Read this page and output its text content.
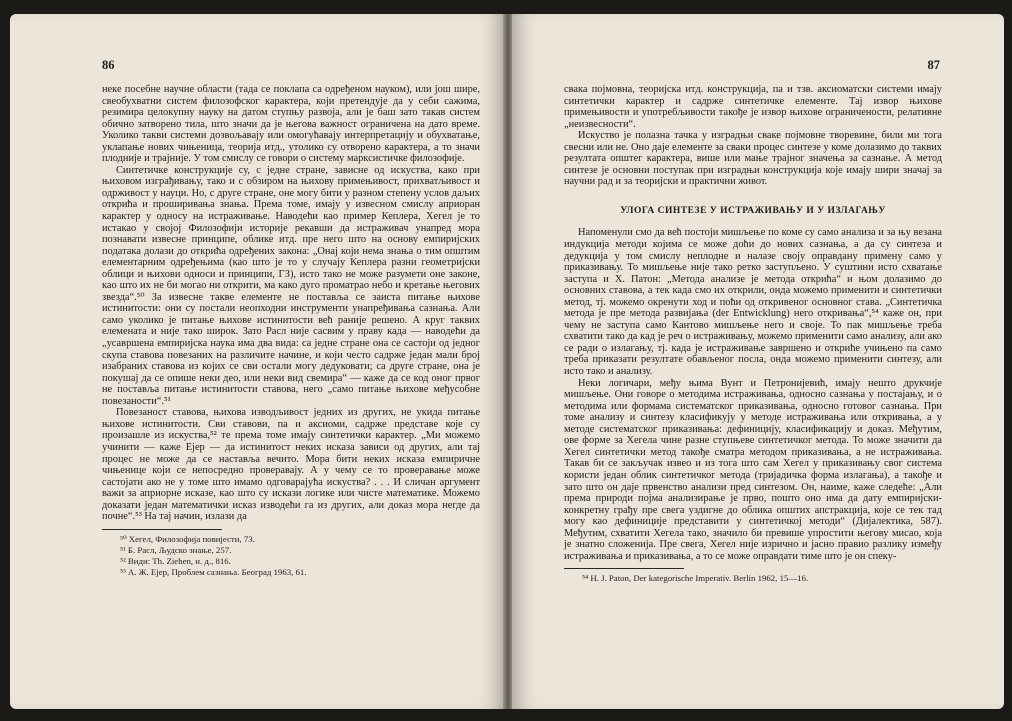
86

неке посебне научне области (тада се поклапа са одређеном науком), или још шире, свеобухватни систем филозофског карактера, који претендује да у себи сажима, резимира целокупну науку на датом ступњу развоја, али је баш зато такав систем обично затворено тила, што значи да је његова важност ограничена на дато време. Уколико такви системи дозвољавају или омогућавају интерпретацију и обухватање, уклапање нових чињеница, теорија итд., утолико су отворено карактера, а то значи плодније и трајније. У том смислу се говори о систему марксистичке филозофије.

Синтетичке конструкције су, с једне стране, зависне од искуства, како при њиховом изграђивању, тако и с обзиром на њихову примењивост, прихватљивост и одрживост у науци. Но, с друге стране, оне могу бити у разном степену услов даљих открића и проширивања знања. Према томе, имају у извесном смислу априоран карактер у односу на истраживање. Наводећи као пример Кеплера, Хегел је то истакао у својој Филозофији историје рекавши да истраживач унапред мора познавати извесне принципе, облике итд. пре него што на основу емпиријских података долази до открића одређених закона: „Онај који нема знања о тим општим елементарним одређењима (као што је то у случају Кеплера разни геометријски облици и њихови односи и принципи, ГЗ), исто тако не може разумети оне законе, као што их не би могао ни открити, ма како дуго проматрао небо и кретање његових звезда“.⁵⁰ За извесне такве елементе не поставља се заиста питање њихове истинитости: они су постали неопходни инструменти унапређивања сазнања. Али само уколико је питање њихове истинитости већ раније решено. А круг таквих елемената и није тако широк. Зато Расл није сасвим у праву када — наводећи да „усавршена емпиријска наука има два вида: са једне стране она се састоји од једног скупа ставова повезаних на различите начине, и који често садрже један мали број изабраних ставова из којих се сви остали могу дедуковати; са друге стране, она је покушај да се опише неки део, или неки вид свемира“ — каже да се код оног првог не поставља питање истинитости ставова, него „само питање њихове међусобне повезаности“.⁵¹

Повезаност ставова, њихова изводљивост једних из других, не укида питање њихове истинитости. Сви ставови, па и аксиоми, садрже представе које су произашле из искуства,⁵² те према томе имају синтетички карактер. „Ми можемо учинити — каже Ејер — да истинитост неких исказа зависи од других, али тај процес не може да се наставља вечито. Мора бити неких исказа емпиричне чињенице који се непосредно проверавају. А у чему се то проверавање може састојати ако не у томе што имамо одговарајућа искуства? . . . И сличан аргумент важи за априорне исказе, као што су искази логике или чисте математике. Можемо доказати један математички исказ изводећи га из других, али доказ мора негде да почне“.⁵³ На тај начин, излази да

⁵⁰ Хегел, Филозофија повијести, 73.

⁵¹ Б. Расл, Људско знање, 257.

⁵² Види: Th. Ziehen, н. д., 816.

⁵³ А. Ж. Ејер, Проблем сазнања. Београд 1963, 61.

87

свака појмовна, теоријска итд. конструкција, па и тзв. аксиоматски системи имају синтетички карактер и садрже синтетичке елементе. Тај извор њихове примењивости и употребљивости такође је извор њихове ограничености, релативне „неизвесности“.

Искуство је полазна тачка у изградњи сваке појмовне творевине, били ми тога свесни или не. Оно даје елементе за сваки процес синтезе у коме долазимо до таквих резултата општег карактера, више или мање трајног значења за сазнање. А метод синтезе је основни поступак при изградњи конструкција које имају шири значај за научни рад и за теоријски и практични живот.

УЛОГА СИНТЕЗЕ У ИСТРАЖИВАЊУ И У ИЗЛАГАЊУ

Напоменули смо да већ постоји мишљење по коме су само анализа и за њу везана индукција методи којима се може доћи до нових сазнања, а да су синтеза и дедукција у том смислу неплодне и налазе своју оправдану примену само у приказивању. То мишљење није тако ретко заступљено. У суштини исто схватање заступа и Х. Патон: „Метода анализе је метода открића“ и њом долазимо до основних ставова, а тек када смо их открили, онда можемо применити и синтетички метод, тј. можемо окренути ход и поћи од откривеног основног става. „Синтетичка метода је пре метода развијања (der Entwicklung) него откривања“,⁵⁴ каже он, при чему не заступа само Кантово мишљење него и своје. То пак мишљење треба схватити тако да кад је реч о истраживању, можемо применити само анализу, али ако се ради о излагању, тј. када је истраживање завршено и откриће учињено па само треба приказати резултате обављеног посла, онда можемо применити синтезу, али исто тако и анализу.

Неки логичари, међу њима Вунт и Петронијевић, имају нешто друкчије мишљење. Они говоре о методима истраживања, односно сазнања у постајању, и о методима или формама систематског приказивања, односно готовог сазнања. При томе анализу и синтезу класификују у методе истраживања или откривања, а у методе систематског приказивања: дефиницију, класификацију и доказ. Међутим, ове форме за Хегела чине разне ступњеве синтетичког метода. То може значити да Хегел синтетички метод такође сматра методом приказивања, а не истраживања. Такав би се закључак извео и из тога што сам Хегел у приказивању свог система користи један облик синтетичког метода (тријадичка форма излагања), а такође и зато што он даје првенство анализи пред синтезом. Он, наиме, каже следеће: „Али према природи појма анализирање је прво, пошто оно има да дату емпиријски-конкретну грађу пре свега уздигне до облика општих апстракција, које се тек тад могу као дефиниције представити у синтетичкој методи“ (Дијалектика, 587). Међутим, схватити Хегела тако, значило би превише упростити његову мисао, која је знатно сложенија. Пре свега, Хегел није изрично и јасно правио разлику између истраживања и приказивања, а то се може оправдати тиме што је он спеку-

⁵⁴ H. J. Paton, Der kategorische Imperativ. Berlin 1962, 15—16.
